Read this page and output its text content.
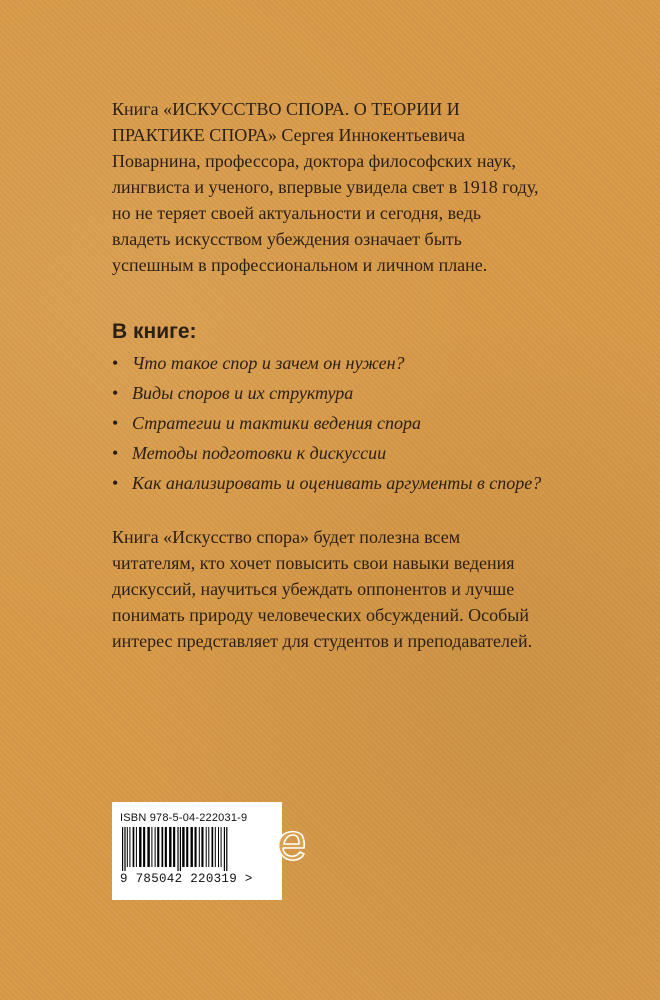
Книга «ИСКУССТВО СПОРА. О ТЕОРИИ И ПРАКТИКЕ СПОРА» Сергея Иннокентьевича Поварнина, профессора, доктора философских наук, лингвиста и ученого, впервые увидела свет в 1918 году, но не теряет своей актуальности и сегодня, ведь владеть искусством убеждения означает быть успешным в профессиональном и личном плане.

В книге:
• Что такое спор и зачем он нужен?
• Виды споров и их структура
• Стратегии и тактики ведения спора
• Методы подготовки к дискуссии
• Как анализировать и оценивать аргументы в споре?

Книга «Искусство спора» будет полезна всем читателям, кто хочет повысить свои навыки ведения дискуссий, научиться убеждать оппонентов и лучше понимать природу человеческих обсуждений. Особый интерес представляет для студентов и преподавателей.

ISBN 978-5-04-222031-9
9 785042 220319 >
